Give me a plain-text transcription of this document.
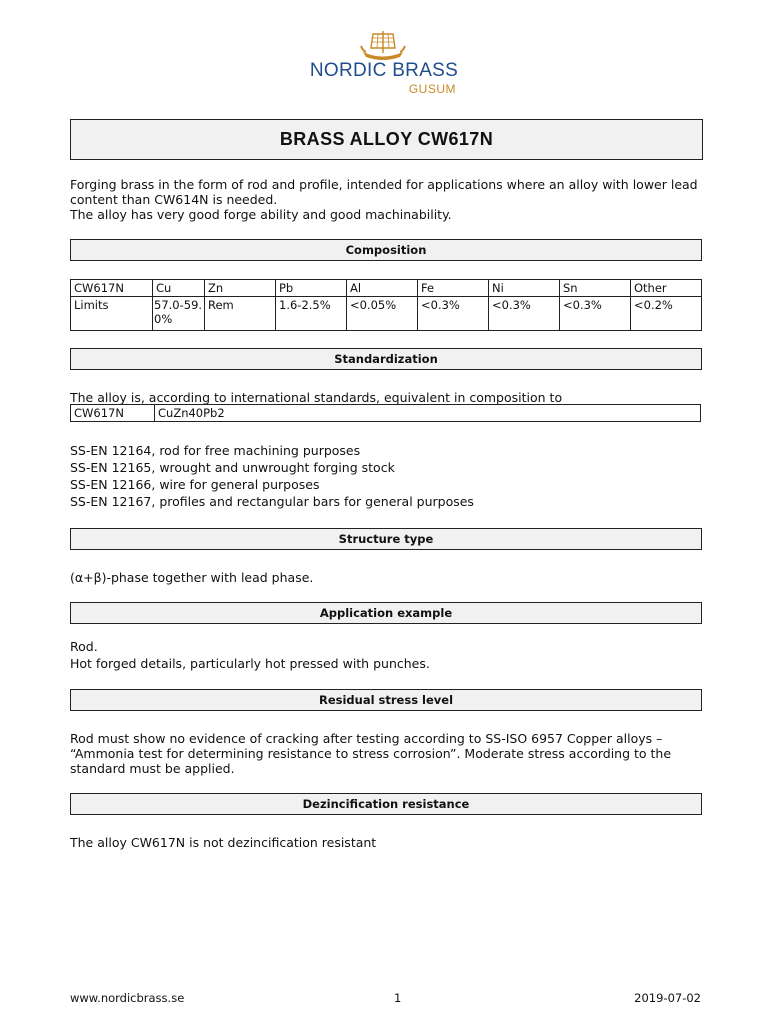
NORDIC BRASS
GUSUM
BRASS ALLOY CW617N
Forging brass in the form of rod and profile, intended for applications where an alloy with lower lead
content than CW614N is needed.
The alloy has very good forge ability and good machinability.
Composition
CW617N	Cu	Zn	Pb	Al	Fe	Ni	Sn	Other
Limits	57.0-59.0%	Rem	1.6-2.5%	<0.05%	<0.3%	<0.3%	<0.3%	<0.2%
Standardization
The alloy is, according to international standards, equivalent in composition to
CW617N	CuZn40Pb2
SS-EN 12164, rod for free machining purposes
SS-EN 12165, wrought and unwrought forging stock
SS-EN 12166, wire for general purposes
SS-EN 12167, profiles and rectangular bars for general purposes
Structure type
(α+β)-phase together with lead phase.
Application example
Rod.
Hot forged details, particularly hot pressed with punches.
Residual stress level
Rod must show no evidence of cracking after testing according to SS-ISO 6957 Copper alloys –
“Ammonia test for determining resistance to stress corrosion”. Moderate stress according to the
standard must be applied.
Dezincification resistance
The alloy CW617N is not dezincification resistant
www.nordicbrass.se	1	2019-07-02
